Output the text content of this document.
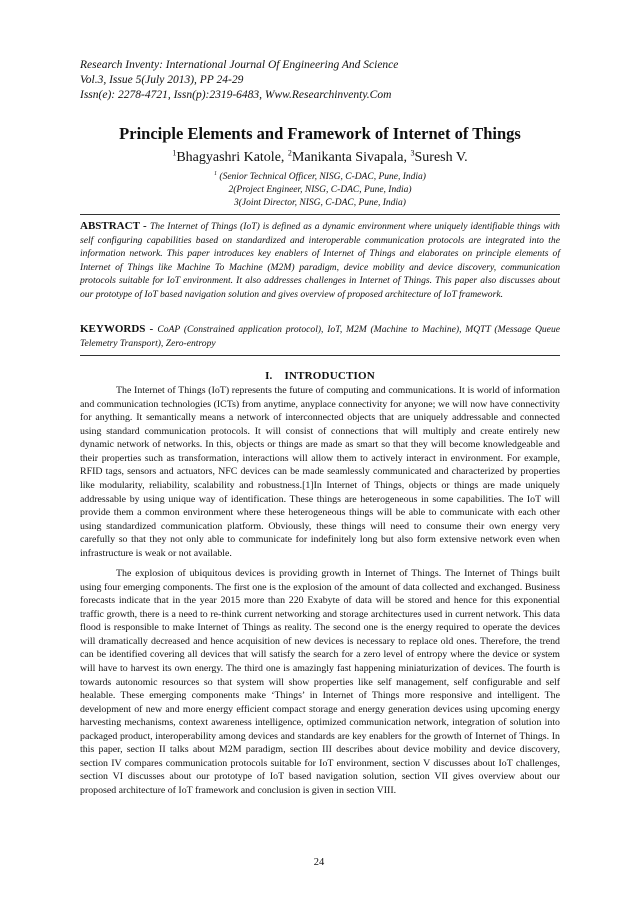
Research Inventy: International Journal Of Engineering And Science
Vol.3, Issue 5(July 2013), PP 24-29
Issn(e): 2278-4721, Issn(p):2319-6483, Www.Researchinventy.Com
Principle Elements and Framework of Internet of Things
$^1$Bhagyashri Katole, $^2$Manikanta Sivapala, $^3$Suresh V.
$^1$ (Senior Technical Officer, NISG, C-DAC, Pune, India)
2(Project Engineer, NISG, C-DAC, Pune, India)
3(Joint Director, NISG, C-DAC, Pune, India)
ABSTRACT - The Internet of Things (IoT) is defined as a dynamic environment where uniquely identifiable things with self configuring capabilities based on standardized and interoperable communication protocols are integrated into the information network. This paper introduces key enablers of Internet of Things and elaborates on principle elements of Internet of Things like Machine To Machine (M2M) paradigm, device mobility and device discovery, communication protocols suitable for IoT environment. It also addresses challenges in Internet of Things. This paper also discusses about our prototype of IoT based navigation solution and gives overview of proposed architecture of IoT framework.
KEYWORDS - CoAP (Constrained application protocol), IoT, M2M (Machine to Machine), MQTT (Message Queue Telemetry Transport), Zero-entropy
I. INTRODUCTION

The Internet of Things (IoT) represents the future of computing and communications. It is world of information and communication technologies (ICTs) from anytime, anyplace connectivity for anyone; we will now have connectivity for anything. It semantically means a network of interconnected objects that are uniquely addressable and connected using standard communication protocols. It will consist of connections that will multiply and create entirely new dynamic network of networks. In this, objects or things are made as smart so that they will become knowledgeable and their properties such as transformation, interactions will allow them to actively interact in environment. For example, RFID tags, sensors and actuators, NFC devices can be made seamlessly communicated and characterized by properties like modularity, reliability, scalability and robustness.[1]In Internet of Things, objects or things are made uniquely addressable by using unique way of identification. These things are heterogeneous in some capabilities. The IoT will provide them a common environment where these heterogeneous things will be able to communicate with each other using standardized communication platform. Obviously, these things will need to consume their own energy very carefully so that they not only able to communicate for indefinitely long but also form extensive network even when infrastructure is weak or not available.

The explosion of ubiquitous devices is providing growth in Internet of Things. The Internet of Things built using four emerging components. The first one is the explosion of the amount of data collected and exchanged. Business forecasts indicate that in the year 2015 more than 220 Exabyte of data will be stored and hence for this exponential traffic growth, there is a need to re-think current networking and storage architectures used in current network. This data flood is responsible to make Internet of Things as reality. The second one is the energy required to operate the devices will dramatically decreased and hence acquisition of new devices is necessary to replace old ones. Therefore, the trend can be identified covering all devices that will satisfy the search for a zero level of entropy where the device or system will have to harvest its own energy. The third one is amazingly fast happening miniaturization of devices. The fourth is towards autonomic resources so that system will show properties like self management, self configurable and self healable. These emerging components make ‘Things’ in Internet of Things more responsive and intelligent. The development of new and more energy efficient compact storage and energy generation devices using upcoming energy harvesting mechanisms, context awareness intelligence, optimized communication network, integration of solution into packaged product, interoperability among devices and standards are key enablers for the growth of Internet of Things. In this paper, section II talks about M2M paradigm, section III describes about device mobility and device discovery, section IV compares communication protocols suitable for IoT environment, section V discusses about IoT challenges, section VI discusses about our prototype of IoT based navigation solution, section VII gives overview about our proposed architecture of IoT framework and conclusion is given in section VIII.

24
